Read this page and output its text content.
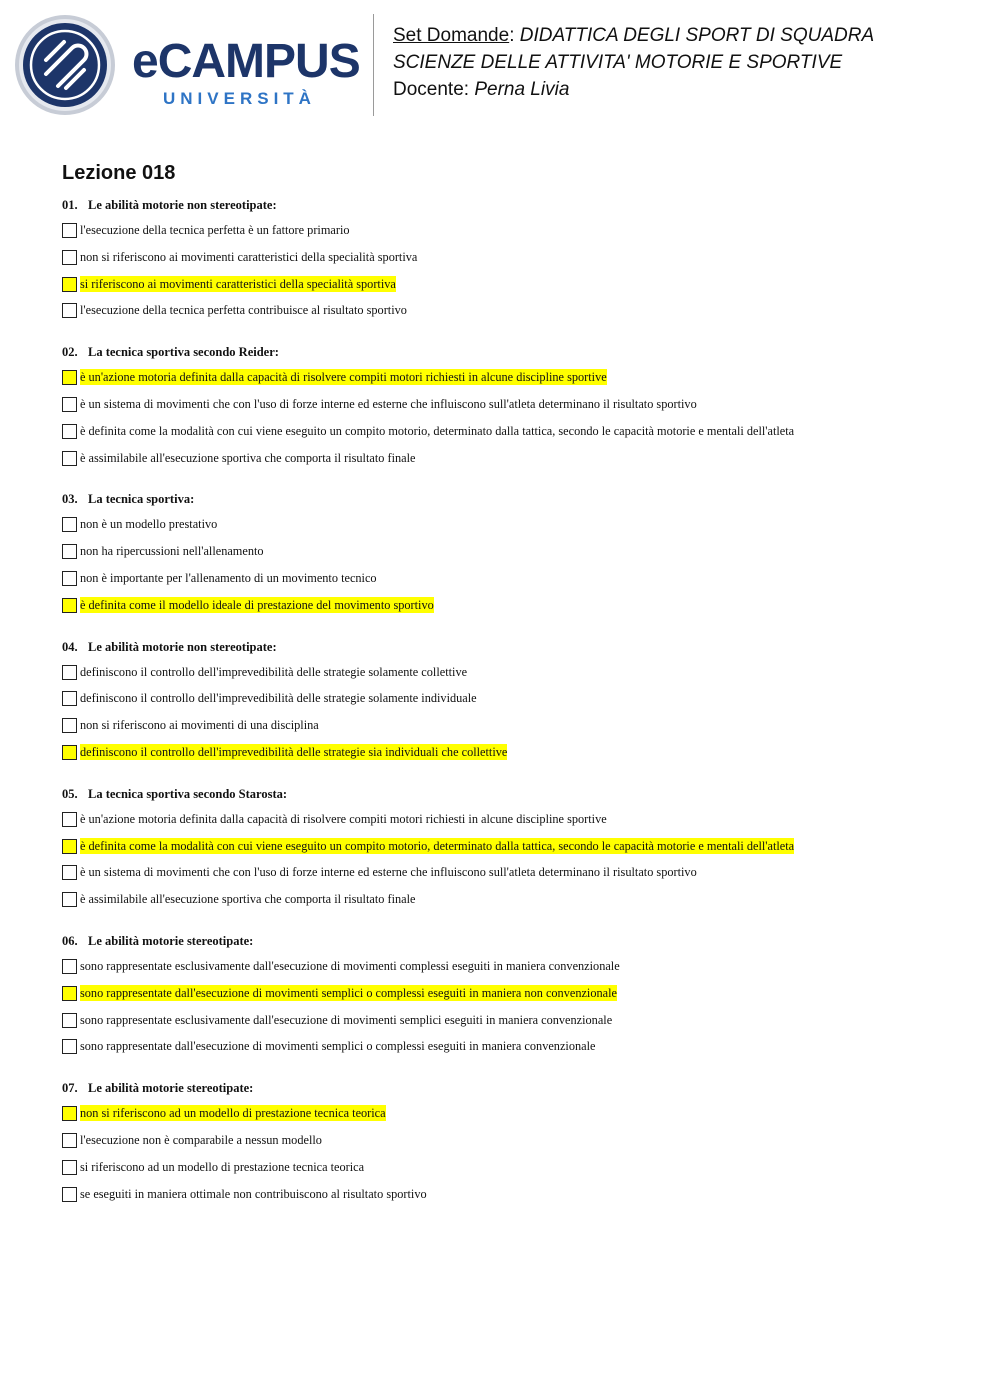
eCAMPUS
UNIVERSITÀ
Set Domande: DIDATTICA DEGLI SPORT DI SQUADRA
SCIENZE DELLE ATTIVITA' MOTORIE E SPORTIVE
Docente: Perna Livia
Lezione 018
01. Le abilità motorie non stereotipate:
l'esecuzione della tecnica perfetta è un fattore primario
non si riferiscono ai movimenti caratteristici della specialità sportiva
si riferiscono ai movimenti caratteristici della specialità sportiva
l'esecuzione della tecnica perfetta contribuisce al risultato sportivo
02. La tecnica sportiva secondo Reider:
è un'azione motoria definita dalla capacità di risolvere compiti motori richiesti in alcune discipline sportive
è un sistema di movimenti che con l'uso di forze interne ed esterne che influiscono sull'atleta determinano il risultato sportivo
è definita come la modalità con cui viene eseguito un compito motorio, determinato dalla tattica, secondo le capacità motorie e mentali dell'atleta
è assimilabile all'esecuzione sportiva che comporta il risultato finale
03. La tecnica sportiva:
non è un modello prestativo
non ha ripercussioni nell'allenamento
non è importante per l'allenamento di un movimento tecnico
è definita come il modello ideale di prestazione del movimento sportivo
04. Le abilità motorie non stereotipate:
definiscono il controllo dell'imprevedibilità delle strategie solamente collettive
definiscono il controllo dell'imprevedibilità delle strategie solamente individuale
non si riferiscono ai movimenti di una disciplina
definiscono il controllo dell'imprevedibilità delle strategie sia individuali che collettive
05. La tecnica sportiva secondo Starosta:
è un'azione motoria definita dalla capacità di risolvere compiti motori richiesti in alcune discipline sportive
è definita come la modalità con cui viene eseguito un compito motorio, determinato dalla tattica, secondo le capacità motorie e mentali dell'atleta
è un sistema di movimenti che con l'uso di forze interne ed esterne che influiscono sull'atleta determinano il risultato sportivo
è assimilabile all'esecuzione sportiva che comporta il risultato finale
06. Le abilità motorie stereotipate:
sono rappresentate esclusivamente dall'esecuzione di movimenti complessi eseguiti in maniera convenzionale
sono rappresentate dall'esecuzione di movimenti semplici o complessi eseguiti in maniera non convenzionale
sono rappresentate esclusivamente dall'esecuzione di movimenti semplici eseguiti in maniera convenzionale
sono rappresentate dall'esecuzione di movimenti semplici o complessi eseguiti in maniera convenzionale
07. Le abilità motorie stereotipate:
non si riferiscono ad un modello di prestazione tecnica teorica
l'esecuzione non è comparabile a nessun modello
si riferiscono ad un modello di prestazione tecnica teorica
se eseguiti in maniera ottimale non contribuiscono al risultato sportivo
